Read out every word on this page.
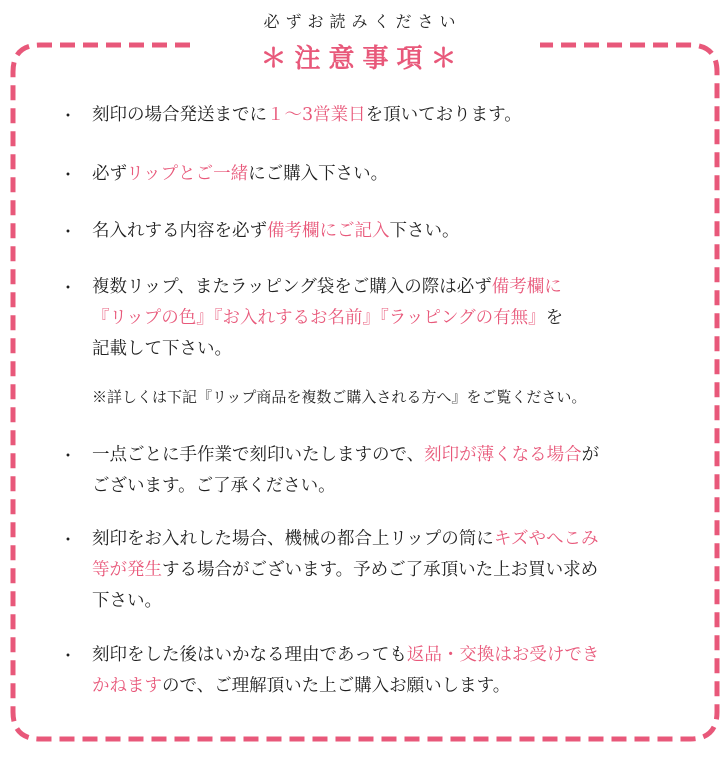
必ずお読みください
＊注意事項＊
・ 刻印の場合発送までに１～3営業日を頂いております。
・ 必ずリップとご一緒にご購入下さい。
・ 名入れする内容を必ず備考欄にご記入下さい。
・ 複数リップ、またラッピング袋をご購入の際は必ず備考欄に
『リップの色』『お入れするお名前』『ラッピングの有無』を
記載して下さい。
※詳しくは下記『リップ商品を複数ご購入される方へ』をご覧ください。
・ 一点ごとに手作業で刻印いたしますので、刻印が薄くなる場合が
ございます。ご了承ください。
・ 刻印をお入れした場合、機械の都合上リップの筒にキズやへこみ
等が発生する場合がございます。予めご了承頂いた上お買い求め
下さい。
・ 刻印をした後はいかなる理由であっても返品・交換はお受けでき
かねますので、ご理解頂いた上ご購入お願いします。
